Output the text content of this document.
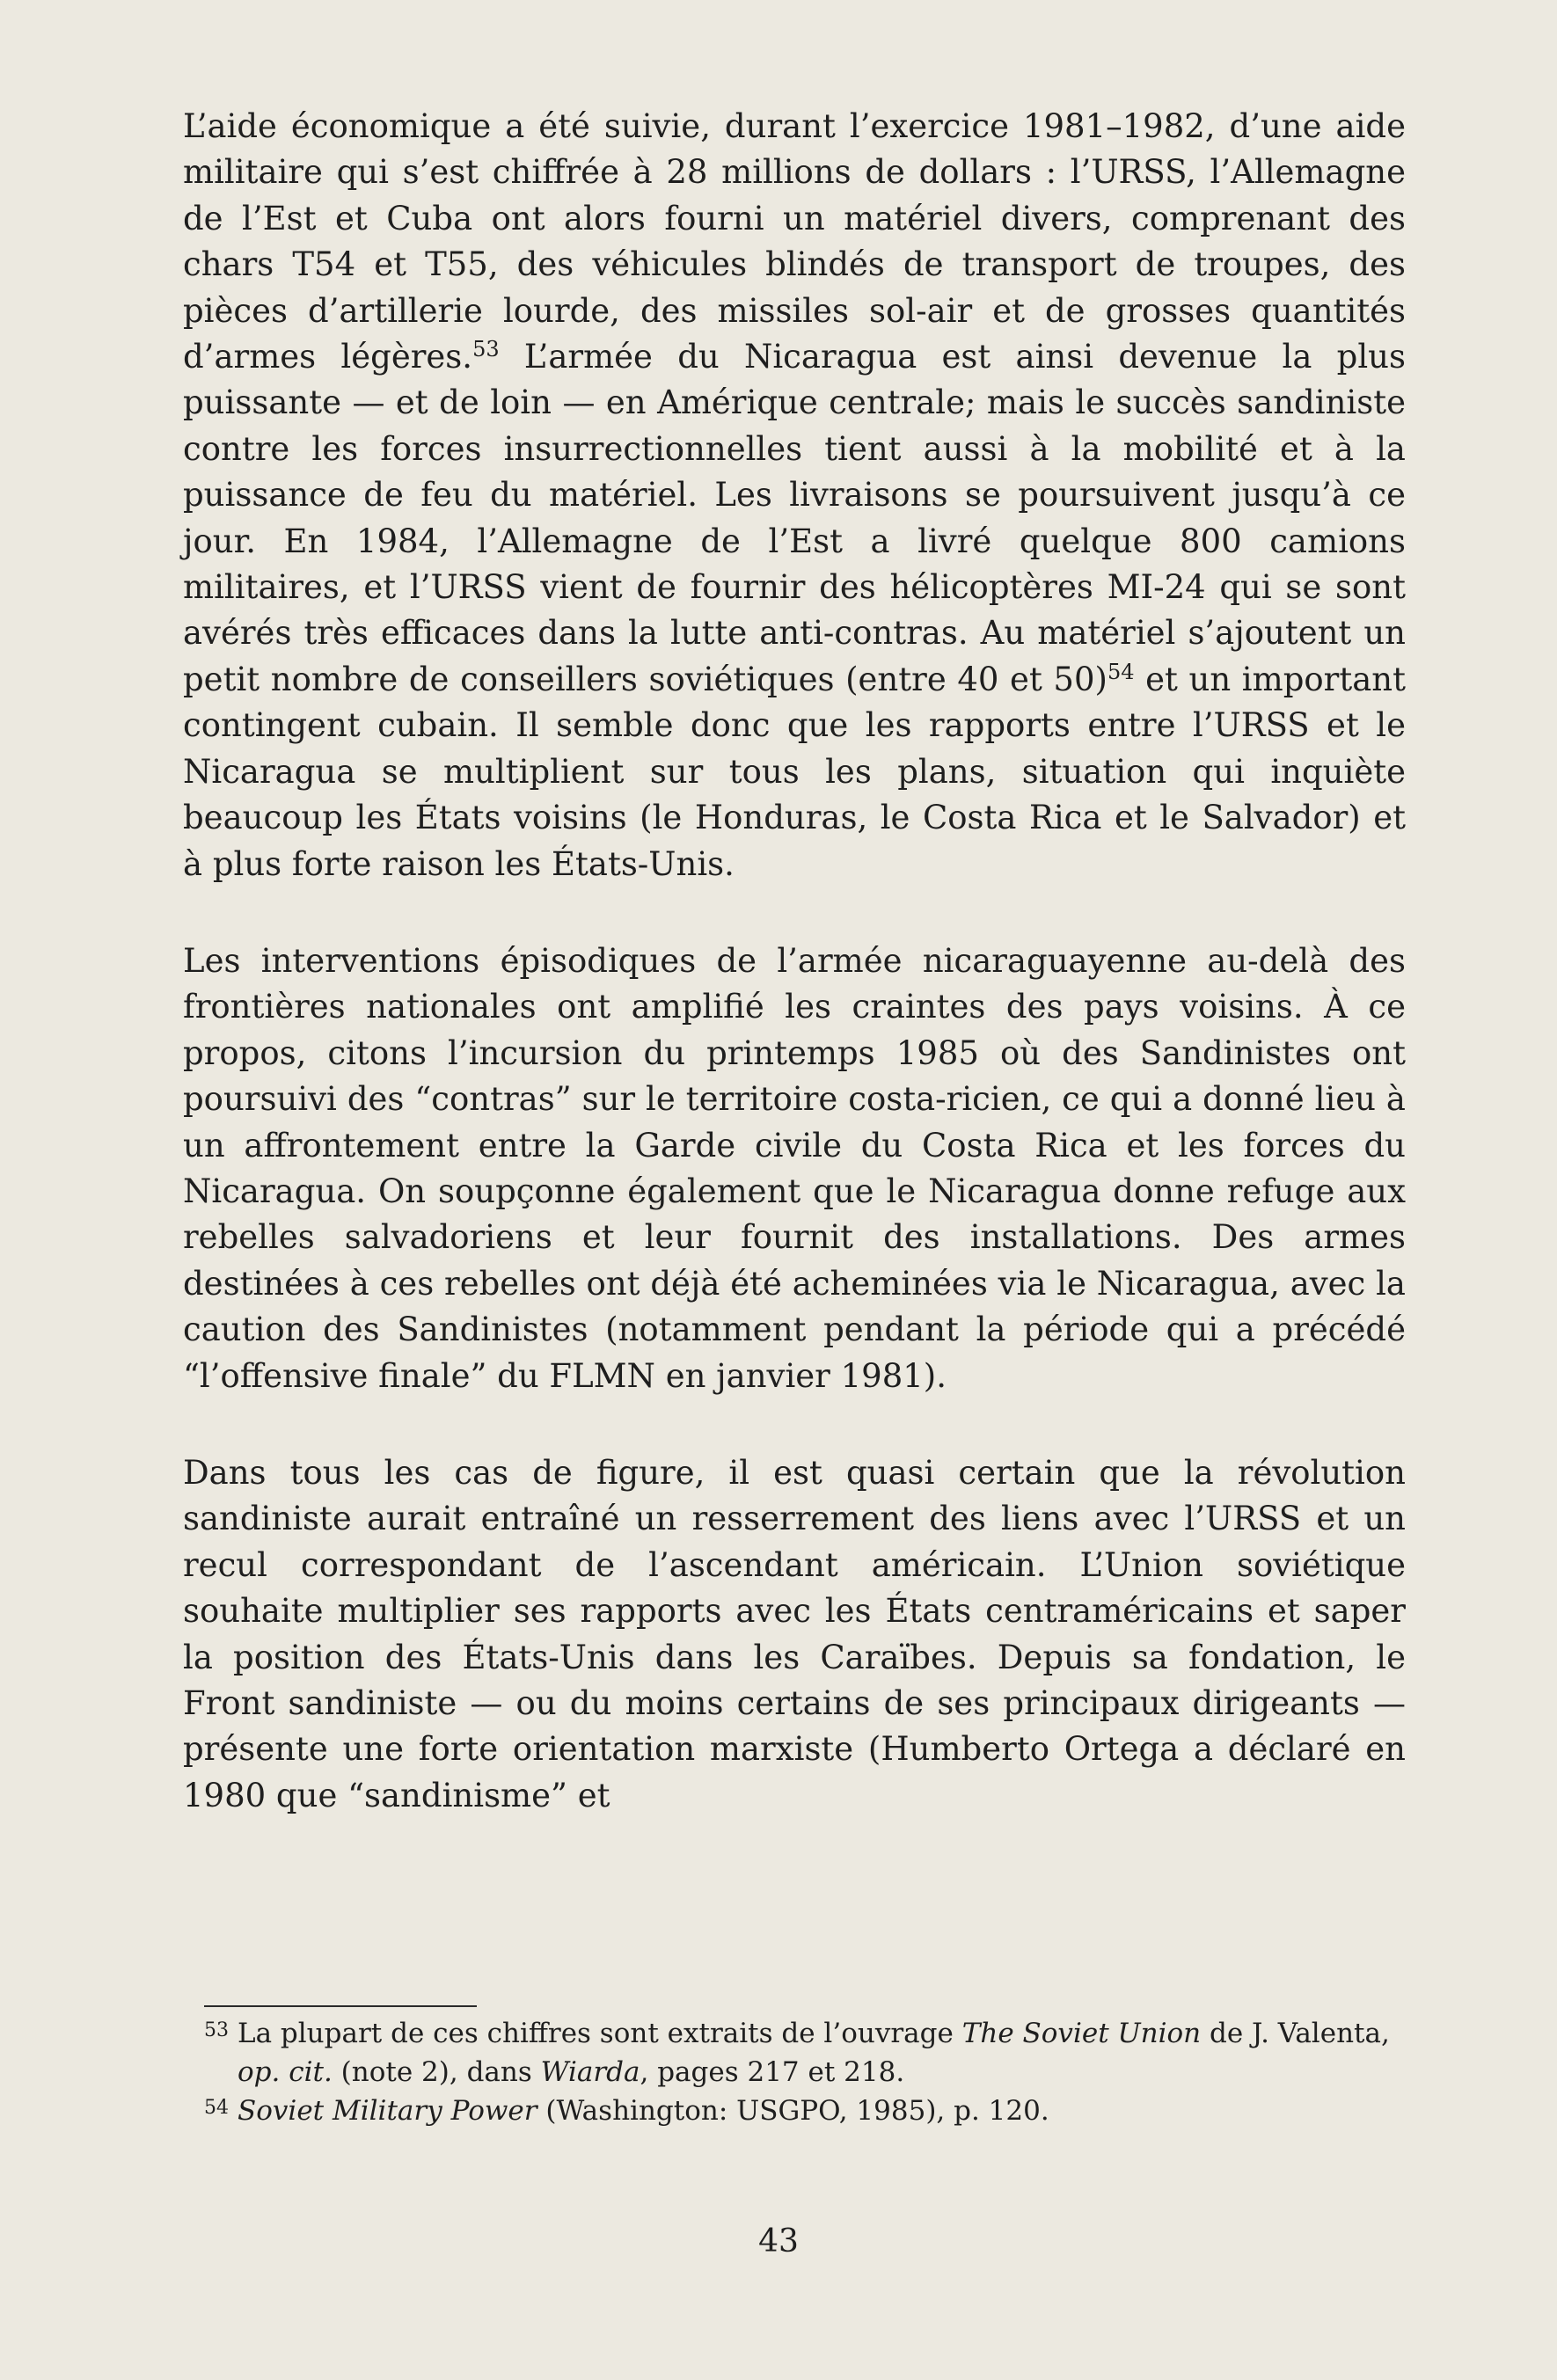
L’aide économique a été suivie, durant l’exercice 1981–1982, d’une aide militaire qui s’est chiffrée à 28 millions de dollars : l’URSS, l’Allemagne de l’Est et Cuba ont alors fourni un matériel divers, comprenant des chars T54 et T55, des véhicules blindés de transport de troupes, des pièces d’artillerie lourde, des missiles sol-air et de grosses quantités d’armes légères.$^{53}$ L’armée du Nicaragua est ainsi devenue la plus puissante — et de loin — en Amérique centrale; mais le succès sandiniste contre les forces insurrectionnelles tient aussi à la mobilité et à la puissance de feu du matériel. Les livraisons se poursuivent jusqu’à ce jour. En 1984, l’Allemagne de l’Est a livré quelque 800 camions militaires, et l’URSS vient de fournir des hélicoptères MI-24 qui se sont avérés très efficaces dans la lutte anti-contras. Au matériel s’ajoutent un petit nombre de conseillers soviétiques (entre 40 et 50)$^{54}$ et un important contingent cubain. Il semble donc que les rapports entre l’URSS et le Nicaragua se multiplient sur tous les plans, situation qui inquiète beaucoup les États voisins (le Honduras, le Costa Rica et le Salvador) et à plus forte raison les États-Unis.

Les interventions épisodiques de l’armée nicaraguayenne au-delà des frontières nationales ont amplifié les craintes des pays voisins. À ce propos, citons l’incursion du printemps 1985 où des Sandinistes ont poursuivi des “contras” sur le territoire costa-ricien, ce qui a donné lieu à un affrontement entre la Garde civile du Costa Rica et les forces du Nicaragua. On soupçonne également que le Nicaragua donne refuge aux rebelles salvadoriens et leur fournit des installations. Des armes destinées à ces rebelles ont déjà été acheminées via le Nicaragua, avec la caution des Sandinistes (notamment pendant la période qui a précédé “l’offensive finale” du FLMN en janvier 1981).

Dans tous les cas de figure, il est quasi certain que la révolution sandiniste aurait entraîné un resserrement des liens avec l’URSS et un recul correspondant de l’ascendant américain. L’Union soviétique souhaite multiplier ses rapports avec les États centraméricains et saper la position des États-Unis dans les Caraïbes. Depuis sa fondation, le Front sandiniste — ou du moins certains de ses principaux dirigeants — présente une forte orientation marxiste (Humberto Ortega a déclaré en 1980 que “sandinisme” et

53 La plupart de ces chiffres sont extraits de l’ouvrage The Soviet Union de J. Valenta, op. cit. (note 2), dans Wiarda, pages 217 et 218.
54 Soviet Military Power (Washington: USGPO, 1985), p. 120.
43
